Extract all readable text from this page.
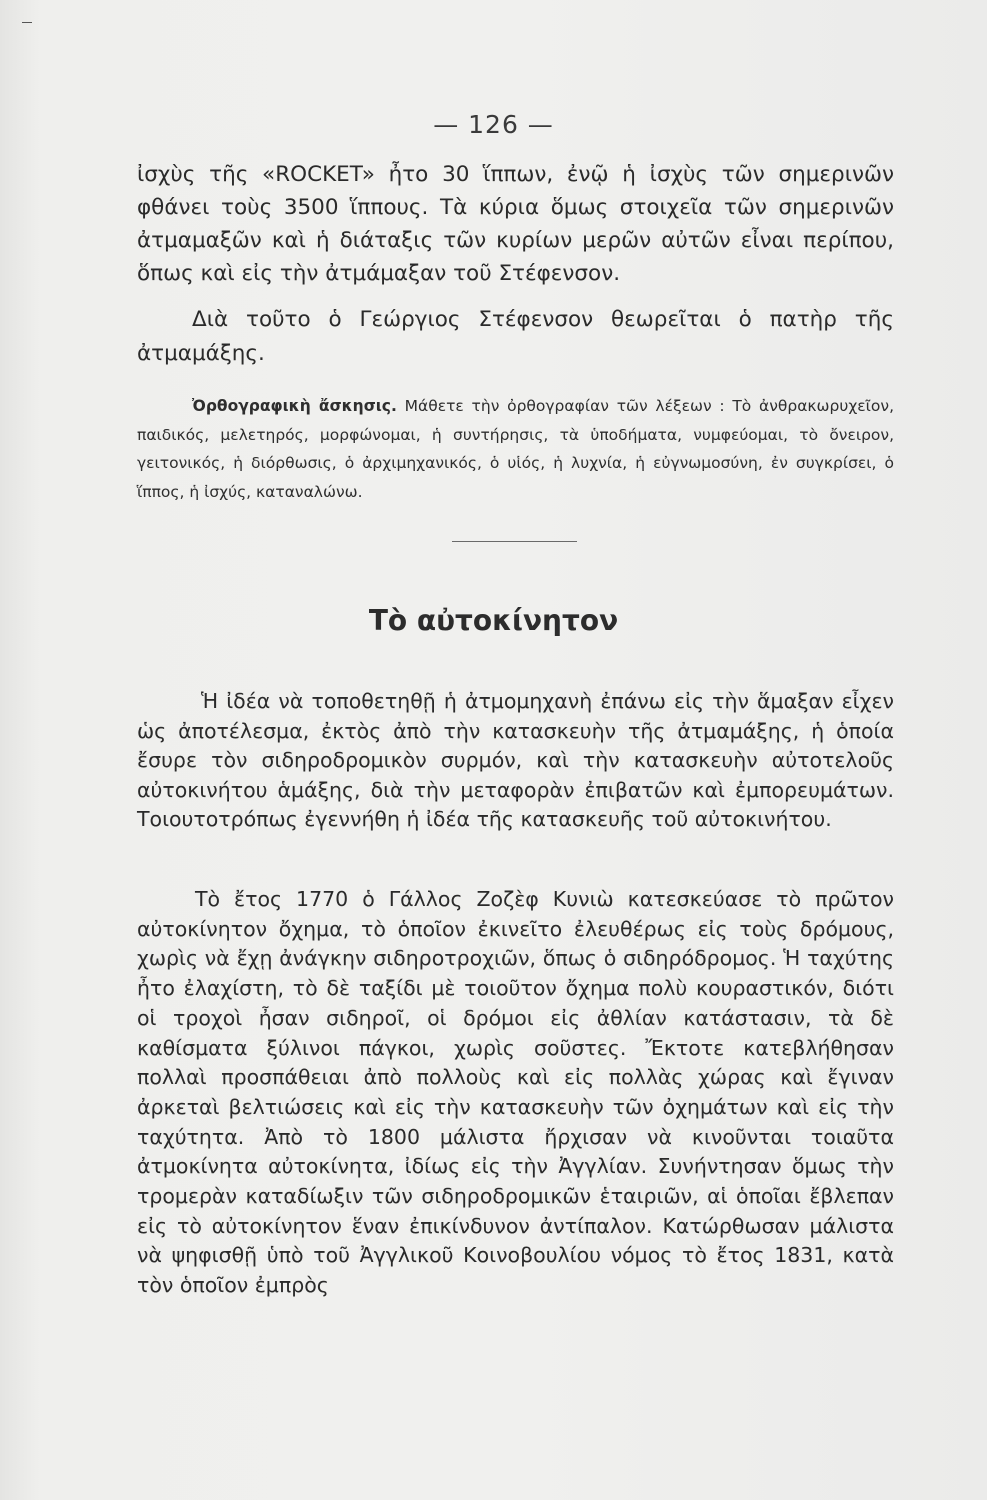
— 126 —

ἰσχὺς τῆς «ROCKET» ἦτο 30 ἵππων, ἐνῷ ἡ ἰσχὺς τῶν σημερινῶν φθάνει τοὺς 3500 ἵππους. Τὰ κύρια ὅμως στοιχεῖα τῶν σημερινῶν ἀτμαμαξῶν καὶ ἡ διάταξις τῶν κυρίων μερῶν αὐτῶν εἶναι περίπου, ὅπως καὶ εἰς τὴν ἀτμάμαξαν τοῦ Στέφενσον.

Διὰ τοῦτο ὁ Γεώργιος Στέφενσον θεωρεῖται ὁ πατὴρ τῆς ἀτμαμάξης.

Ὀρθογραφικὴ ἄσκησις. Μάθετε τὴν ὀρθογραφίαν τῶν λέξεων : Τὸ ἀνθρακωρυχεῖον, παιδικός, μελετηρός, μορφώνομαι, ἡ συντήρησις, τὰ ὑποδήματα, νυμφεύομαι, τὸ ὄνειρον, γειτονικός, ἡ διόρθωσις, ὁ ἀρχιμηχανικός, ὁ υἱός, ἡ λυχνία, ἡ εὐγνωμοσύνη, ἐν συγκρίσει, ὁ ἵππος, ἡ ἰσχύς, καταναλώνω.

Τὸ αὐτοκίνητον

Ἡ ἰδέα νὰ τοποθετηθῇ ἡ ἀτμομηχανὴ ἐπάνω εἰς τὴν ἅμαξαν εἶχεν ὡς ἀποτέλεσμα, ἐκτὸς ἀπὸ τὴν κατασκευὴν τῆς ἀτμαμάξης, ἡ ὁποία ἔσυρε τὸν σιδηροδρομικὸν συρμόν, καὶ τὴν κατασκευὴν αὐτοτελοῦς αὐτοκινήτου ἁμάξης, διὰ τὴν μεταφορὰν ἐπιβατῶν καὶ ἐμπορευμάτων. Τοιουτοτρόπως ἐγεννήθη ἡ ἰδέα τῆς κατασκευῆς τοῦ αὐτοκινήτου.

Τὸ ἔτος 1770 ὁ Γάλλος Ζοζὲφ Κυνιὼ κατεσκεύασε τὸ πρῶτον αὐτοκίνητον ὄχημα, τὸ ὁποῖον ἐκινεῖτο ἐλευθέρως εἰς τοὺς δρόμους, χωρὶς νὰ ἔχῃ ἀνάγκην σιδηροτροχιῶν, ὅπως ὁ σιδηρόδρομος. Ἡ ταχύτης ἦτο ἐλαχίστη, τὸ δὲ ταξίδι μὲ τοιοῦτον ὄχημα πολὺ κουραστικόν, διότι οἱ τροχοὶ ἦσαν σιδηροῖ, οἱ δρόμοι εἰς ἀθλίαν κατάστασιν, τὰ δὲ καθίσματα ξύλινοι πάγκοι, χωρὶς σοῦστες. Ἔκτοτε κατεβλήθησαν πολλαὶ προσπάθειαι ἀπὸ πολλοὺς καὶ εἰς πολλὰς χώρας καὶ ἔγιναν ἀρκεταὶ βελτιώσεις καὶ εἰς τὴν κατασκευὴν τῶν ὀχημάτων καὶ εἰς τὴν ταχύτητα. Ἀπὸ τὸ 1800 μάλιστα ἤρχισαν νὰ κινοῦνται τοιαῦτα ἀτμοκίνητα αὐτοκίνητα, ἰδίως εἰς τὴν Ἀγγλίαν. Συνήντησαν ὅμως τὴν τρομερὰν καταδίωξιν τῶν σιδηροδρομικῶν ἑταιριῶν, αἱ ὁποῖαι ἔβλεπαν εἰς τὸ αὐτοκίνητον ἕναν ἐπικίνδυνον ἀντίπαλον. Κατώρθωσαν μάλιστα νὰ ψηφισθῇ ὑπὸ τοῦ Ἀγγλικοῦ Κοινοβουλίου νόμος τὸ ἔτος 1831, κατὰ τὸν ὁποῖον ἐμπρὸς
